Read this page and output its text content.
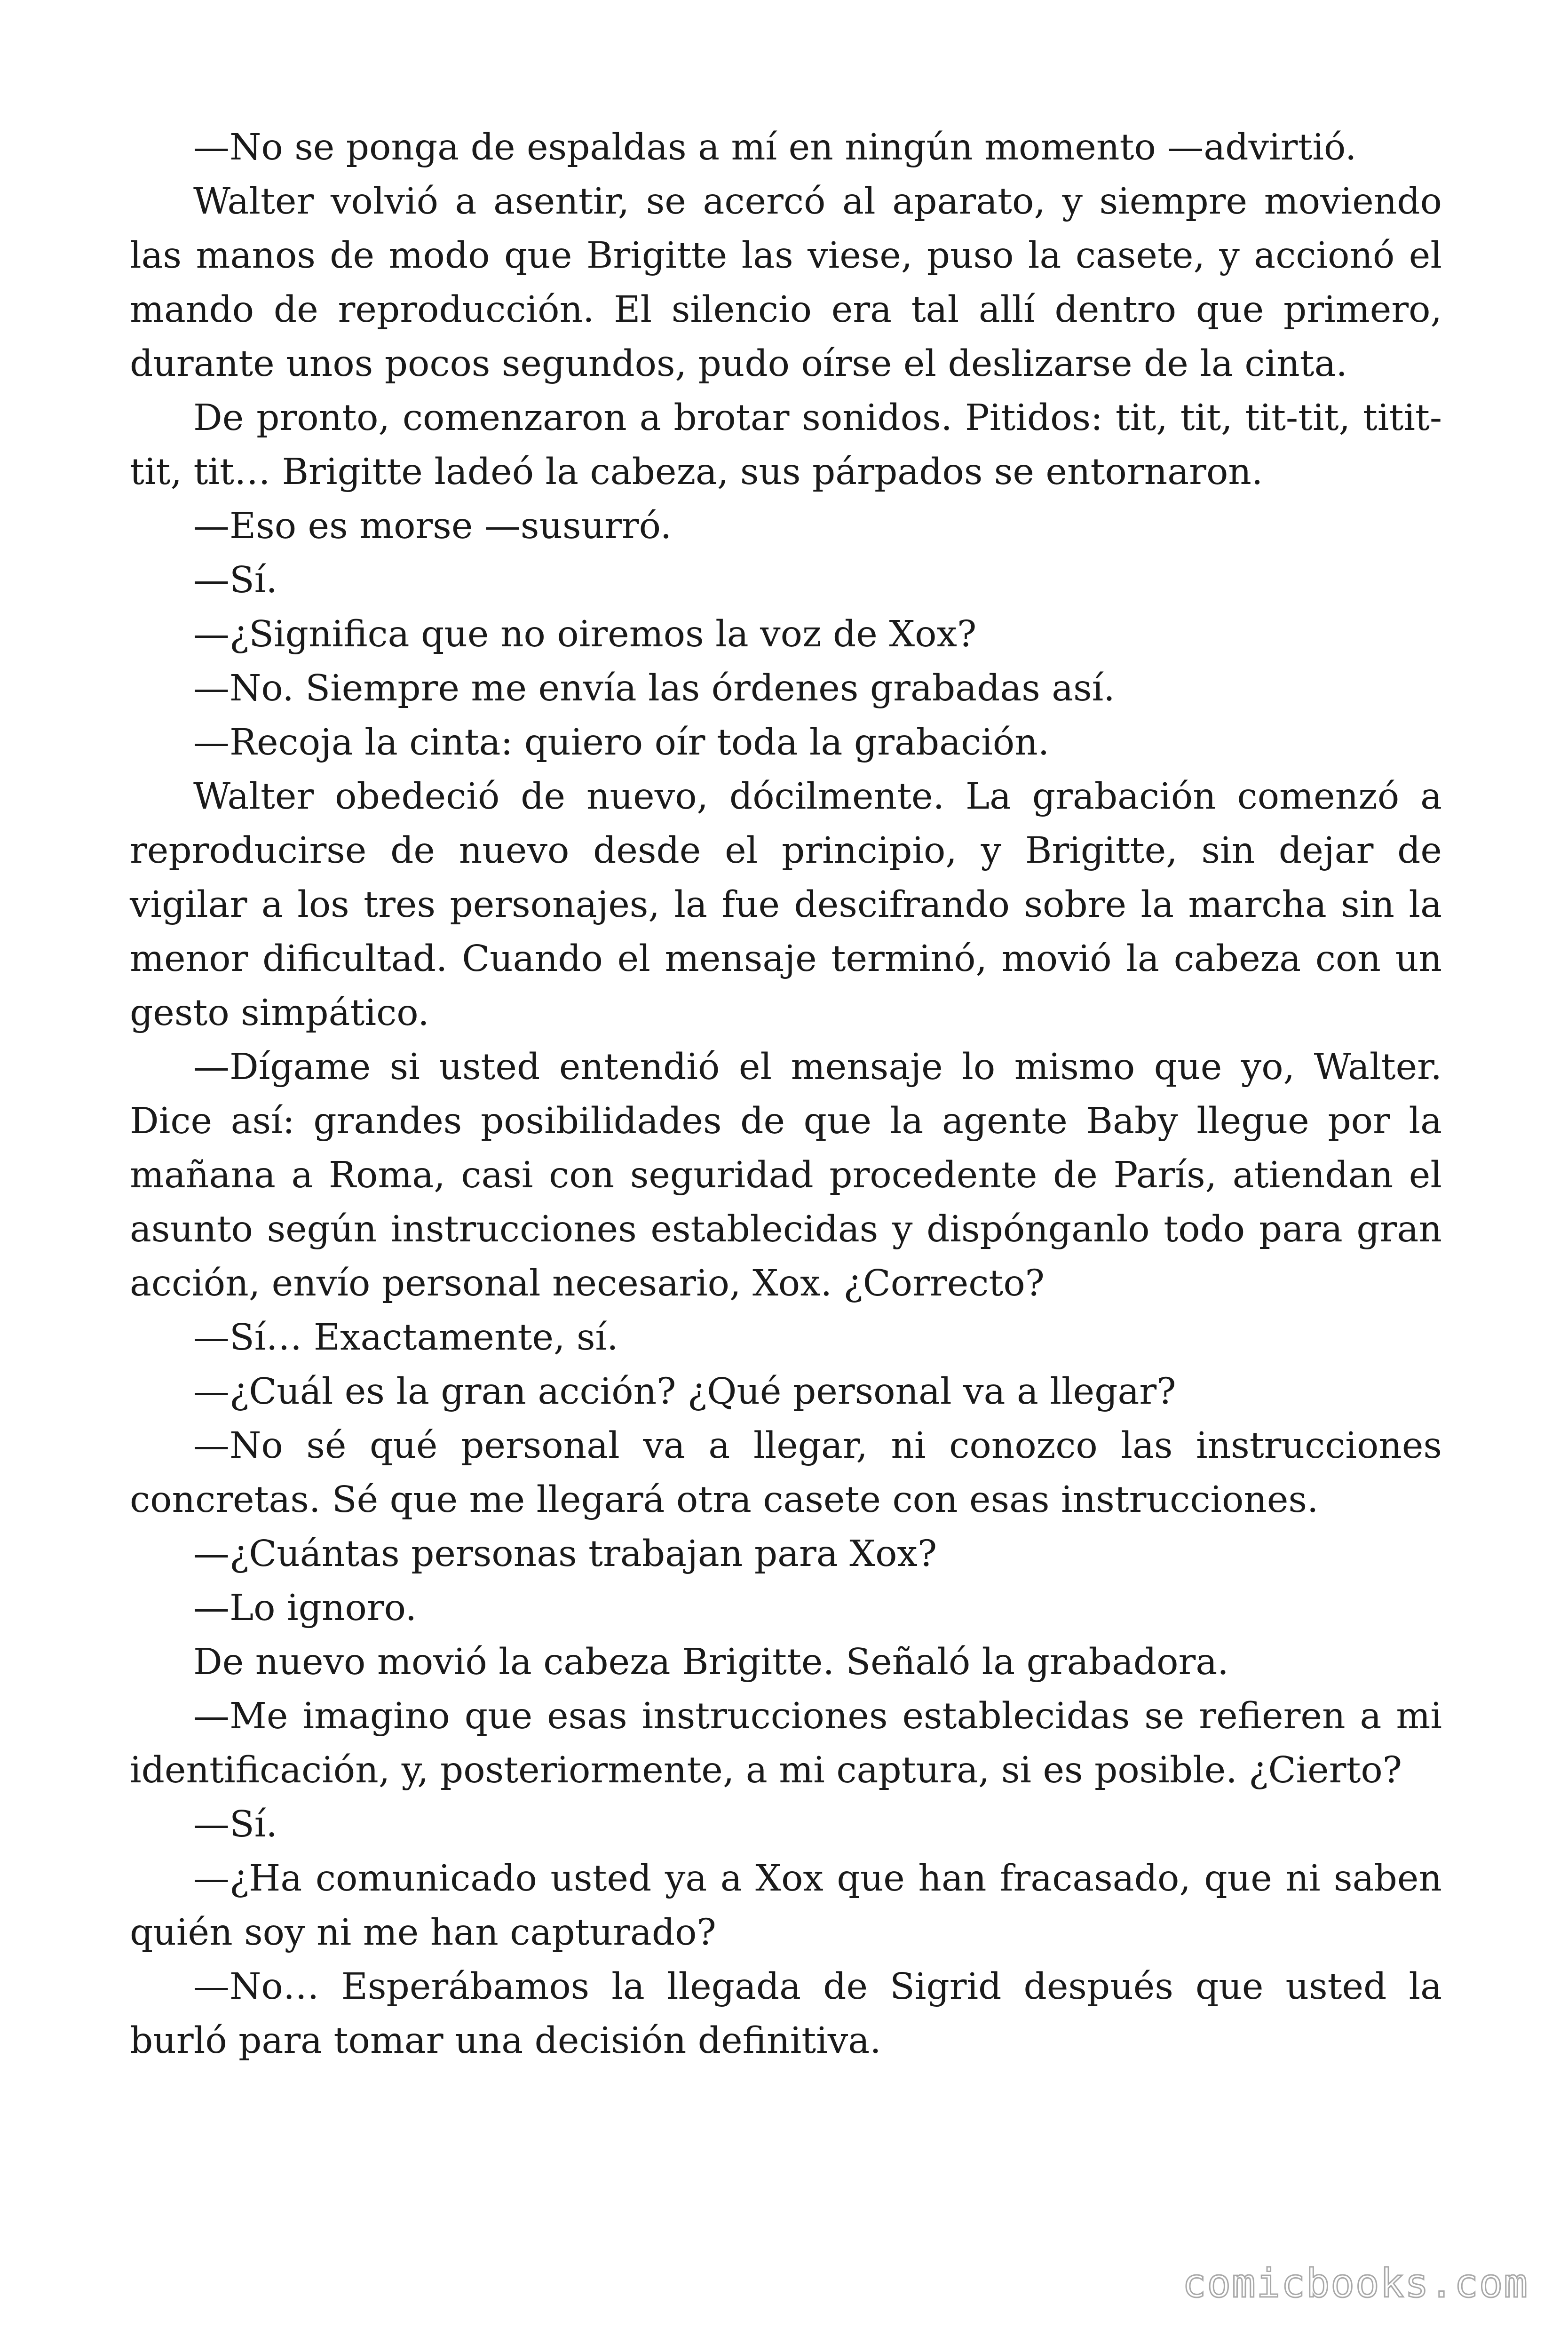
—No se ponga de espaldas a mí en ningún momento —advirtió.

Walter volvió a asentir, se acercó al aparato, y siempre moviendo las manos de modo que Brigitte las viese, puso la casete, y accionó el mando de reproducción. El silencio era tal allí dentro que primero, durante unos pocos segundos, pudo oírse el deslizarse de la cinta.

De pronto, comenzaron a brotar sonidos. Pitidos: tit, tit, tit-tit, titit-tit, tit… Brigitte ladeó la cabeza, sus párpados se entornaron.

—Eso es morse —susurró.

—Sí.

—¿Significa que no oiremos la voz de Xox?

—No. Siempre me envía las órdenes grabadas así.

—Recoja la cinta: quiero oír toda la grabación.

Walter obedeció de nuevo, dócilmente. La grabación comenzó a reproducirse de nuevo desde el principio, y Brigitte, sin dejar de vigilar a los tres personajes, la fue descifrando sobre la marcha sin la menor dificultad. Cuando el mensaje terminó, movió la cabeza con un gesto simpático.

—Dígame si usted entendió el mensaje lo mismo que yo, Walter. Dice así: grandes posibilidades de que la agente Baby llegue por la mañana a Roma, casi con seguridad procedente de París, atiendan el asunto según instrucciones establecidas y dispónganlo todo para gran acción, envío personal necesario, Xox. ¿Correcto?

—Sí… Exactamente, sí.

—¿Cuál es la gran acción? ¿Qué personal va a llegar?

—No sé qué personal va a llegar, ni conozco las instrucciones concretas. Sé que me llegará otra casete con esas instrucciones.

—¿Cuántas personas trabajan para Xox?

—Lo ignoro.

De nuevo movió la cabeza Brigitte. Señaló la grabadora.

—Me imagino que esas instrucciones establecidas se refieren a mi identificación, y, posteriormente, a mi captura, si es posible. ¿Cierto?

—Sí.

—¿Ha comunicado usted ya a Xox que han fracasado, que ni saben quién soy ni me han capturado?

—No… Esperábamos la llegada de Sigrid después que usted la burló para tomar una decisión definitiva.

comicbooks.com
